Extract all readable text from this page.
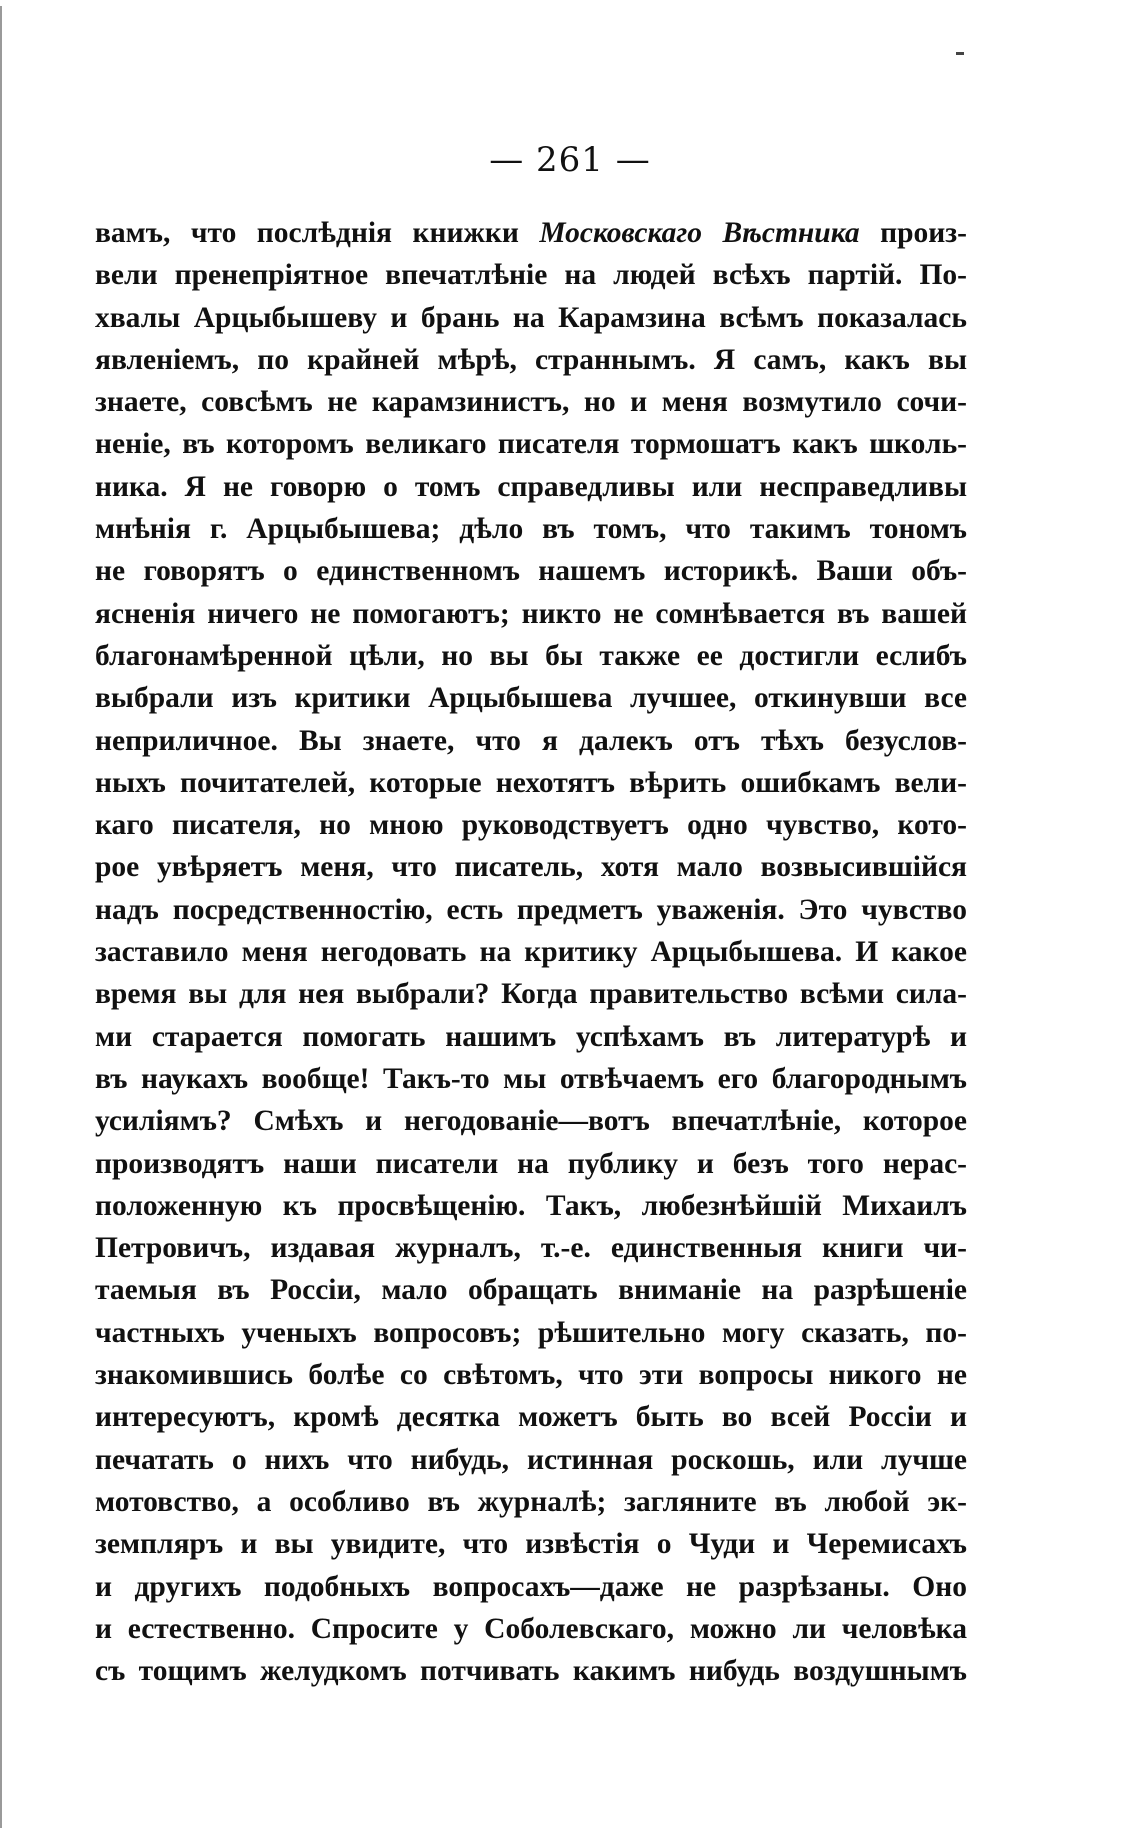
— 261 —
вамъ, что послѣднія книжки Московскаго Вѣстника произ-
вели пренепріятное впечатлѣніе на людей всѣхъ партій. По-
хвалы Арцыбышеву и брань на Карамзина всѣмъ показалась
явленіемъ, по крайней мѣрѣ, страннымъ. Я самъ, какъ вы
знаете, совсѣмъ не карамзинистъ, но и меня возмутило сочи-
неніе, въ которомъ великаго писателя тормошатъ какъ школь-
ника. Я не говорю о томъ справедливы или несправедливы
мнѣнія г. Арцыбышева; дѣло въ томъ, что такимъ тономъ
не говорятъ о единственномъ нашемъ историкѣ. Ваши объ-
ясненія ничего не помогаютъ; никто не сомнѣвается въ вашей
благонамѣренной цѣли, но вы бы также ее достигли еслибъ
выбрали изъ критики Арцыбышева лучшее, откинувши все
неприличное. Вы знаете, что я далекъ отъ тѣхъ безуслов-
ныхъ почитателей, которые нехотятъ вѣрить ошибкамъ вели-
каго писателя, но мною руководствуетъ одно чувство, кото-
рое увѣряетъ меня, что писатель, хотя мало возвысившійся
надъ посредственностію, есть предметъ уваженія. Это чувство
заставило меня негодовать на критику Арцыбышева. И какое
время вы для нея выбрали? Когда правительство всѣми сила-
ми старается помогать нашимъ успѣхамъ въ литературѣ и
въ наукахъ вообще! Такъ-то мы отвѣчаемъ его благороднымъ
усиліямъ? Смѣхъ и негодованіе—вотъ впечатлѣніе, которое
производятъ наши писатели на публику и безъ того нерас-
положенную къ просвѣщенію. Такъ, любезнѣйшій Михаилъ
Петровичъ, издавая журналъ, т.-е. единственныя книги чи-
таемыя въ Россіи, мало обращать вниманіе на разрѣшеніе
частныхъ ученыхъ вопросовъ; рѣшительно могу сказать, по-
знакомившись болѣе со свѣтомъ, что эти вопросы никого не
интересуютъ, кромѣ десятка можетъ быть во всей Россіи и
печатать о нихъ что нибудь, истинная роскошь, или лучше
мотовство, а особливо въ журналѣ; загляните въ любой эк-
земпляръ и вы увидите, что извѣстія о Чуди и Черемисахъ
и другихъ подобныхъ вопросахъ—даже не разрѣзаны. Оно
и естественно. Спросите у Соболевскаго, можно ли человѣка
съ тощимъ желудкомъ потчивать какимъ нибудь воздушнымъ
